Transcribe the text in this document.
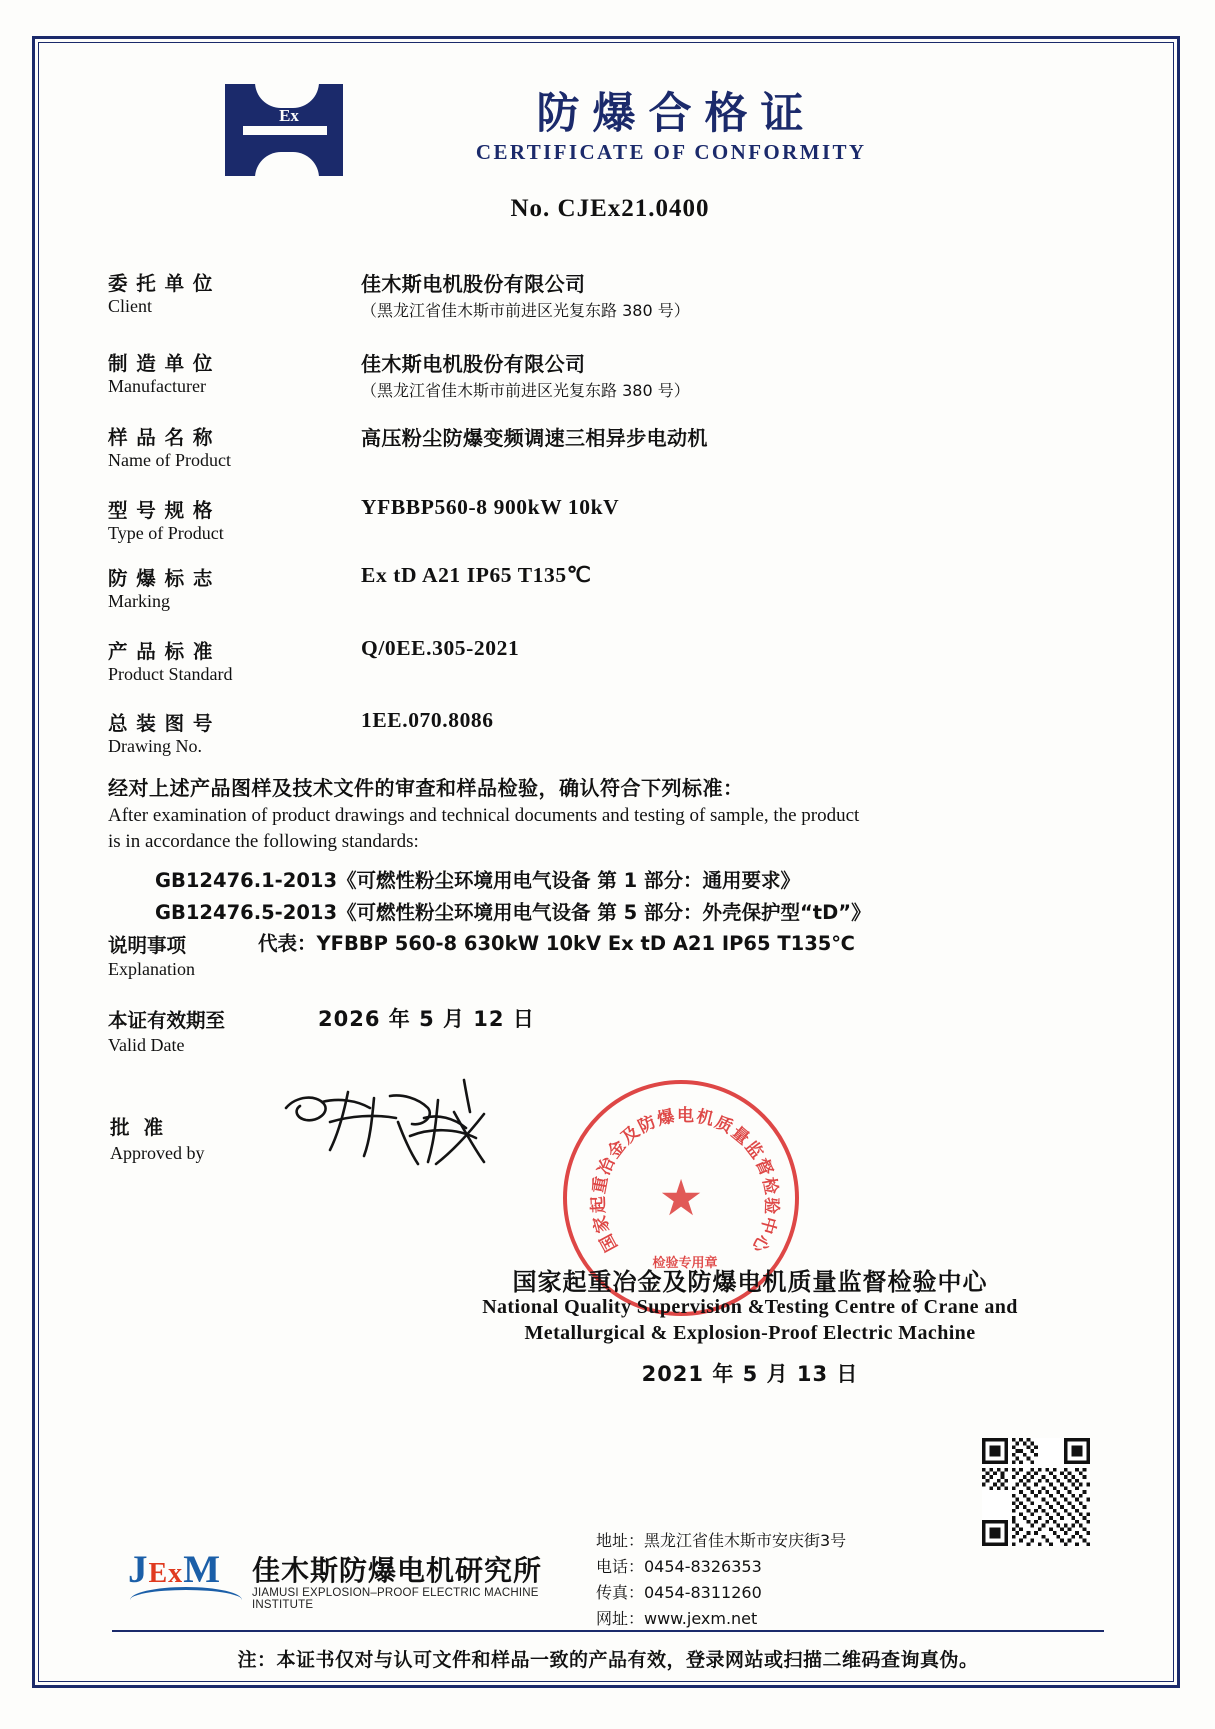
Ex	防爆合格证
CERTIFICATE OF CONFORMITY
No. CJEx21.0400
委 托 单 位
Client
佳木斯电机股份有限公司
（黑龙江省佳木斯市前进区光复东路 380 号）
制 造 单 位
Manufacturer
佳木斯电机股份有限公司
（黑龙江省佳木斯市前进区光复东路 380 号）
样 品 名 称
Name of Product
高压粉尘防爆变频调速三相异步电动机
型 号 规 格
Type of Product
YFBBP560-8 900kW 10kV
防 爆 标 志
Marking
Ex tD A21 IP65 T135℃
产 品 标 准
Product Standard
Q/0EE.305-2021
总 装 图 号
Drawing No.
1EE.070.8086
经对上述产品图样及技术文件的审查和样品检验，确认符合下列标准：
After examination of product drawings and technical documents and testing of sample, the product
is in accordance the following standards:
GB12476.1-2013《可燃性粉尘环境用电气设备 第 1 部分：通用要求》
GB12476.5-2013《可燃性粉尘环境用电气设备 第 5 部分：外壳保护型“tD”》
说明事项
Explanation
代表：YFBBP 560-8 630kW 10kV Ex tD A21 IP65 T135℃
本证有效期至
Valid Date
2026 年 5 月 12 日
批准
Approved by
★
国
家
起
重
冶
金
及
防
爆 电 机
质
量
监
督
检
验
中
心
检验专用章
国家起重冶金及防爆电机质量监督检验中心
National Quality Supervision &Testing Centre of Crane and
Metallurgical & Explosion-Proof Electric Machine
2021 年 5 月 13 日
JExM 佳木斯防爆电机研究所
JIAMUSI EXPLOSION–PROOF ELECTRIC MACHINE INSTITUTE
地址：黑龙江省佳木斯市安庆街3号
电话：0454-8326353
传真：0454-8311260
网址：www.jexm.net
注：本证书仅对与认可文件和样品一致的产品有效，登录网站或扫描二维码查询真伪。
